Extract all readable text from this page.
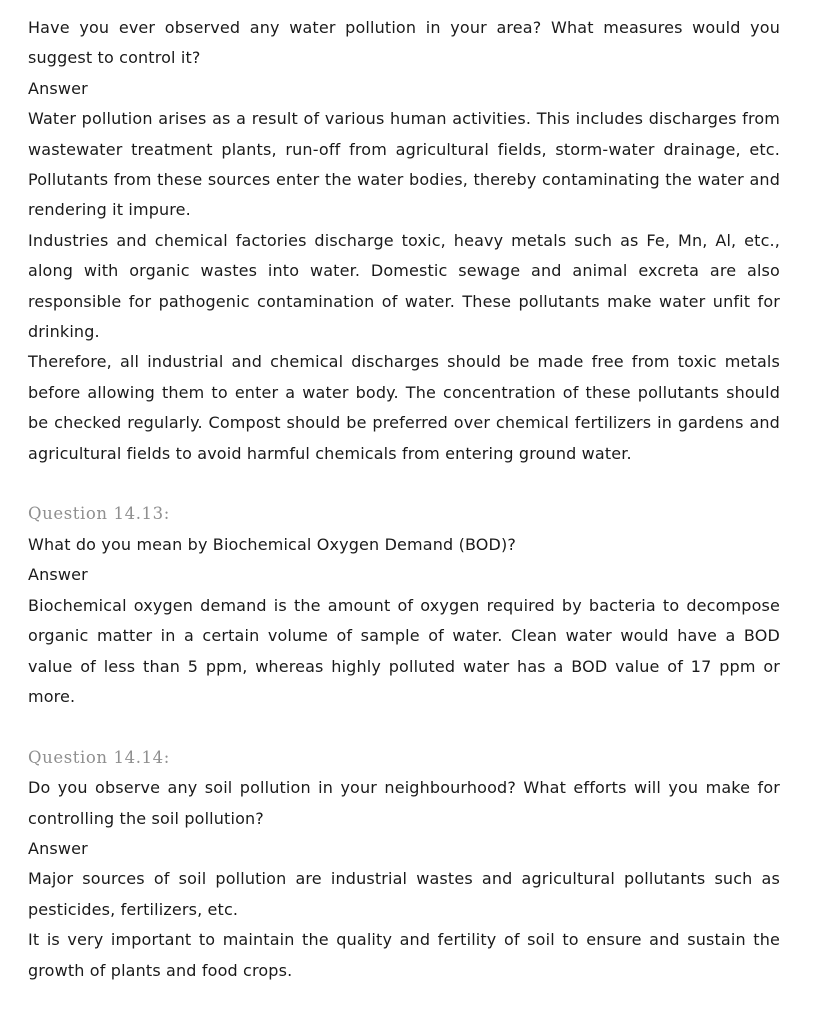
Have you ever observed any water pollution in your area? What measures would you suggest to control it?

Answer

Water pollution arises as a result of various human activities. This includes discharges from wastewater treatment plants, run-off from agricultural fields, storm-water drainage, etc. Pollutants from these sources enter the water bodies, thereby contaminating the water and rendering it impure.

Industries and chemical factories discharge toxic, heavy metals such as Fe, Mn, Al, etc., along with organic wastes into water. Domestic sewage and animal excreta are also responsible for pathogenic contamination of water. These pollutants make water unfit for drinking.

Therefore, all industrial and chemical discharges should be made free from toxic metals before allowing them to enter a water body. The concentration of these pollutants should be checked regularly. Compost should be preferred over chemical fertilizers in gardens and agricultural fields to avoid harmful chemicals from entering ground water.

Question 14.13:

What do you mean by Biochemical Oxygen Demand (BOD)?

Answer

Biochemical oxygen demand is the amount of oxygen required by bacteria to decompose organic matter in a certain volume of sample of water. Clean water would have a BOD value of less than 5 ppm, whereas highly polluted water has a BOD value of 17 ppm or more.

Question 14.14:

Do you observe any soil pollution in your neighbourhood? What efforts will you make for controlling the soil pollution?

Answer

Major sources of soil pollution are industrial wastes and agricultural pollutants such as pesticides, fertilizers, etc.

It is very important to maintain the quality and fertility of soil to ensure and sustain the growth of plants and food crops.
